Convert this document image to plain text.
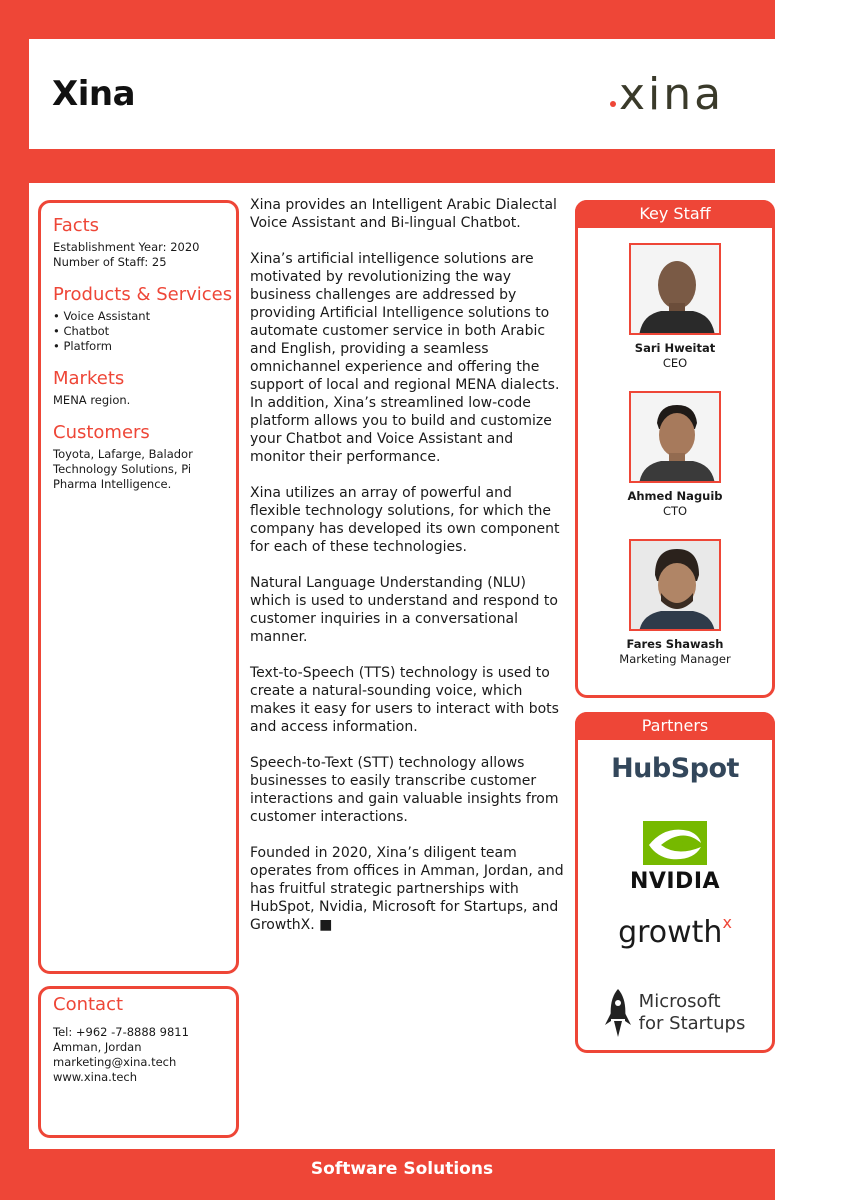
Xina	xina
Facts
Establishment Year: 2020
Number of Staff: 25
Products & Services
• Voice Assistant
• Chatbot
• Platform
Markets
MENA region.
Customers
Toyota, Lafarge, Balador Technology Solutions, Pi Pharma Intelligence.
Contact
Tel: +962 -7-8888 9811
Amman, Jordan
marketing@xina.tech
www.xina.tech

Xina provides an Intelligent Arabic Dialectal Voice Assistant and Bi-lingual Chatbot.

Xina’s artificial intelligence solutions are motivated by revolutionizing the way business challenges are addressed by providing Artificial Intelligence solutions to automate customer service in both Arabic and English, providing a seamless omnichannel experience and offering the support of local and regional MENA dialects. In addition, Xina’s streamlined low-code platform allows you to build and customize your Chatbot and Voice Assistant and monitor their performance.

Xina utilizes an array of powerful and flexible technology solutions, for which the company has developed its own component for each of these technologies.

Natural Language Understanding (NLU) which is used to understand and respond to customer inquiries in a conversational manner.

Text-to-Speech (TTS) technology is used to create a natural-sounding voice, which makes it easy for users to interact with bots and access information.

Speech-to-Text (STT) technology allows businesses to easily transcribe customer interactions and gain valuable insights from customer interactions.

Founded in 2020, Xina’s diligent team operates from offices in Amman, Jordan, and has fruitful strategic partnerships with HubSpot, Nvidia, Microsoft for Startups, and GrowthX. ■

Key Staff
Sari Hweitat
CEO
Ahmed Naguib
CTO
Fares Shawash
Marketing Manager
Partners
HubSpot
NVIDIA
growth$^x$
Microsoft
for Startups
Software Solutions
